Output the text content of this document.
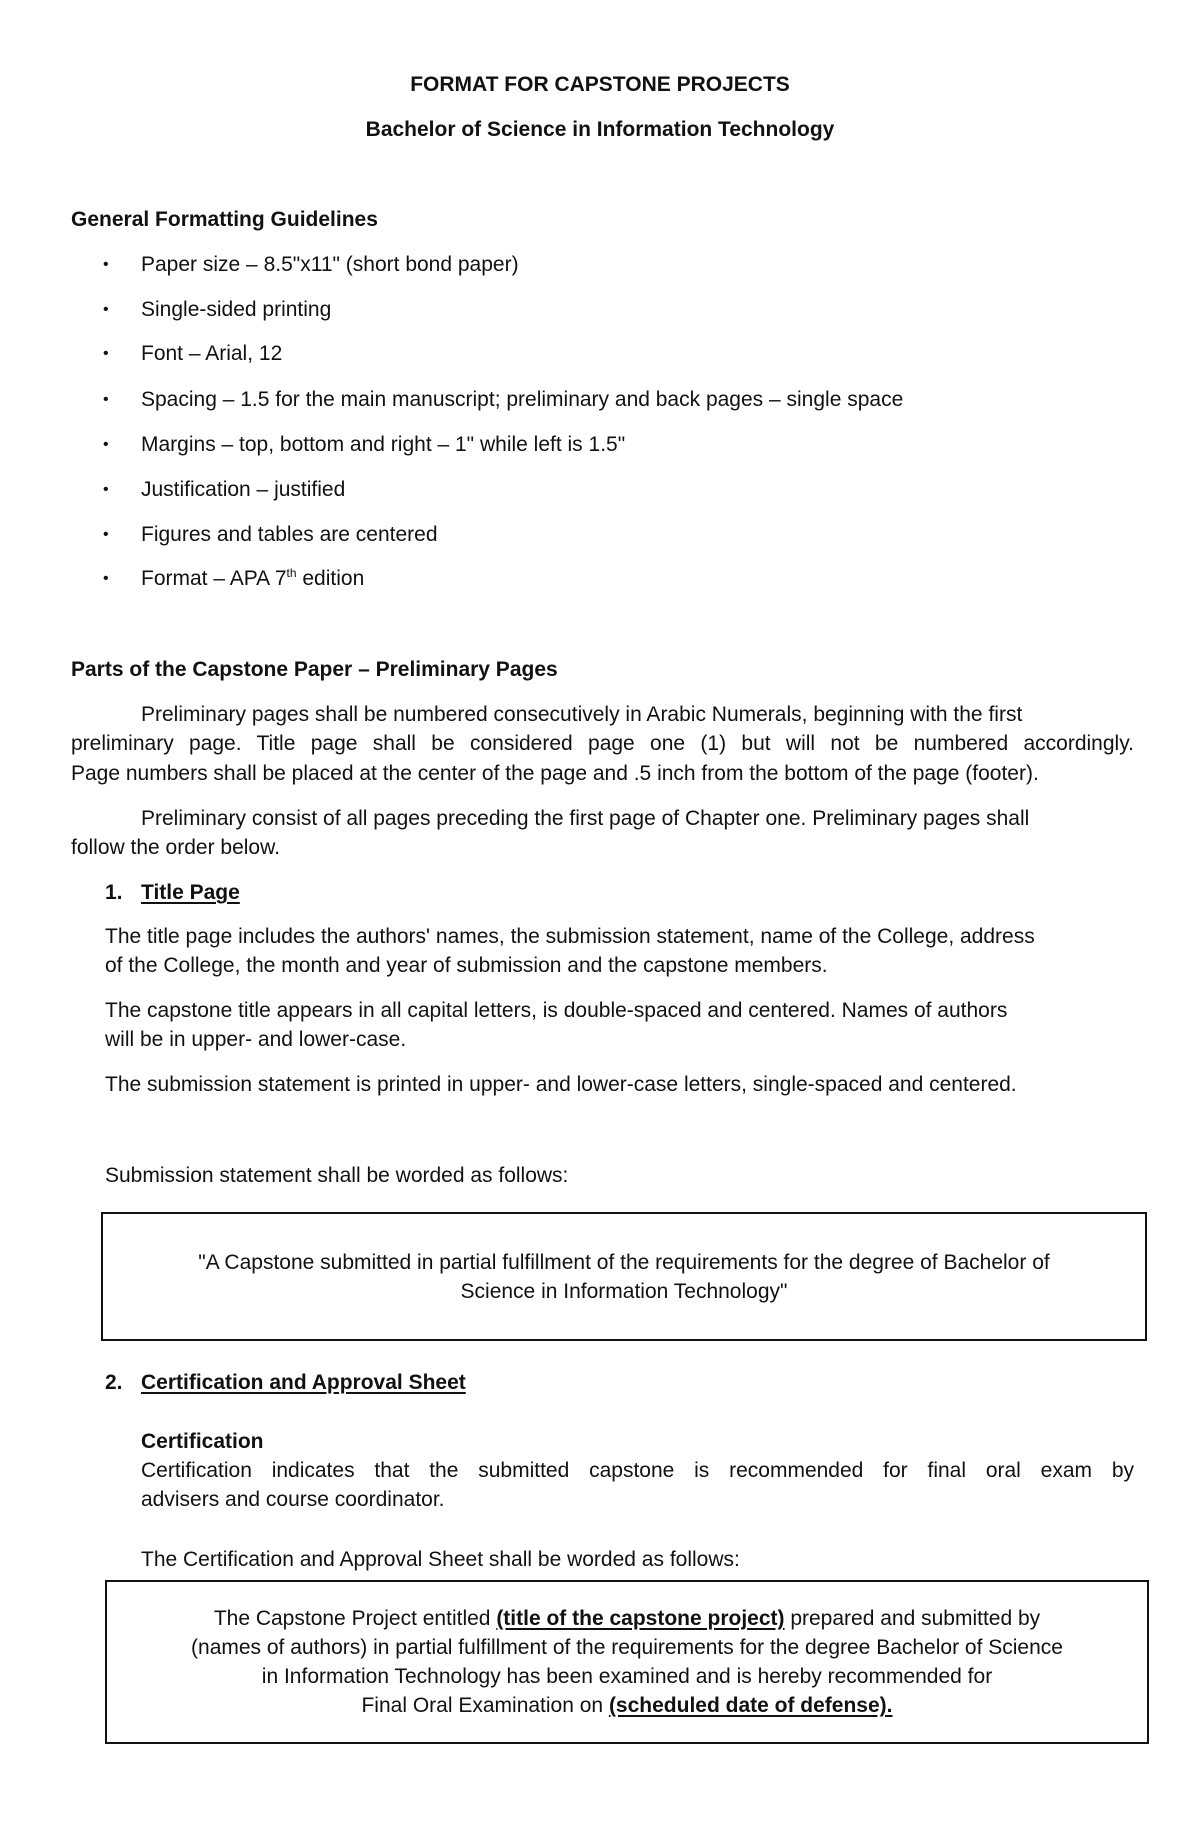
FORMAT FOR CAPSTONE PROJECTS
Bachelor of Science in Information Technology
General Formatting Guidelines
• Paper size – 8.5"x11" (short bond paper)
• Single-sided printing
• Font – Arial, 12
• Spacing – 1.5 for the main manuscript; preliminary and back pages – single space
• Margins – top, bottom and right – 1" while left is 1.5"
• Justification – justified
• Figures and tables are centered
• Format – APA 7th edition
Parts of the Capstone Paper – Preliminary Pages
Preliminary pages shall be numbered consecutively in Arabic Numerals, beginning with the first
preliminary page. Title page shall be considered page one (1) but will not be numbered accordingly.
Page numbers shall be placed at the center of the page and .5 inch from the bottom of the page (footer).
Preliminary consist of all pages preceding the first page of Chapter one. Preliminary pages shall
follow the order below.
1. Title Page
The title page includes the authors' names, the submission statement, name of the College, address
of the College, the month and year of submission and the capstone members.
The capstone title appears in all capital letters, is double-spaced and centered. Names of authors
will be in upper- and lower-case.
The submission statement is printed in upper- and lower-case letters, single-spaced and centered.
Submission statement shall be worded as follows:
"A Capstone submitted in partial fulfillment of the requirements for the degree of Bachelor of
Science in Information Technology"
2. Certification and Approval Sheet
Certification
Certification indicates that the submitted capstone is recommended for final oral exam by
advisers and course coordinator.
The Certification and Approval Sheet shall be worded as follows:
The Capstone Project entitled (title of the capstone project) prepared and submitted by
(names of authors) in partial fulfillment of the requirements for the degree Bachelor of Science
in Information Technology has been examined and is hereby recommended for
Final Oral Examination on (scheduled date of defense).
